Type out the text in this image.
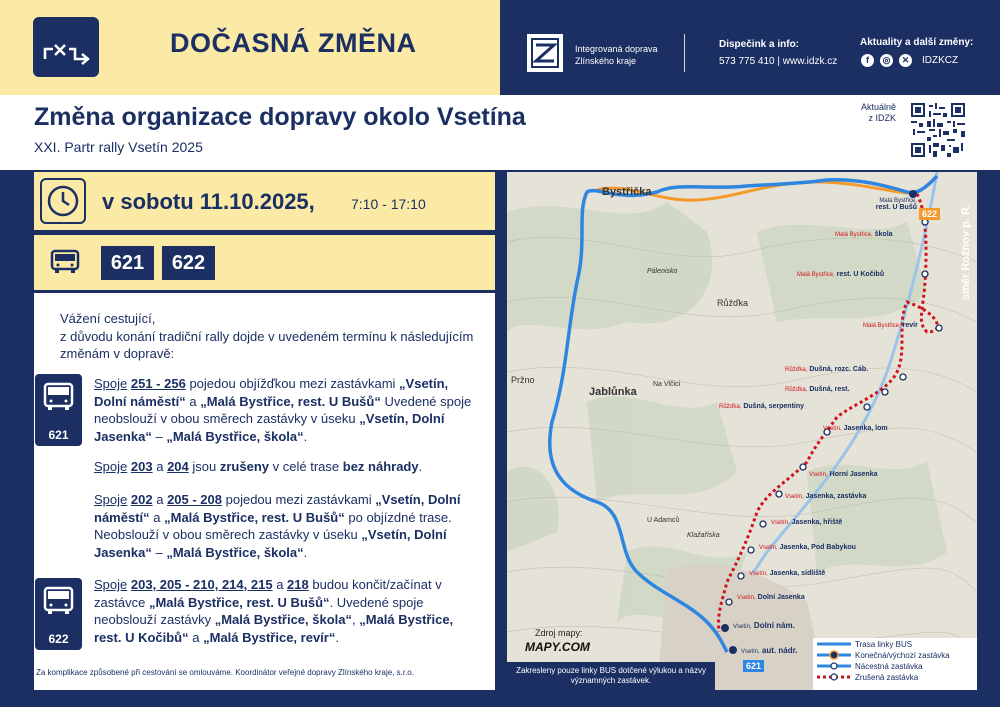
DOČASNÁ ZMĚNA	Integrovaná doprava
Zlínského kraje
Dispečink a info:
573 775 410 | www.idzk.cz
Aktuality a další změny:
f	◎	✕ IDZKCZ
Změna organizace dopravy okolo Vsetína
XXI. Partr rally Vsetín 2025
Aktuálně
z IDZK
v sobotu 11.10.2025,	7:10 - 17:10
621	622
Vážení cestující,
z důvodu konání tradiční rally dojde v uvedeném termínu k následujícím
změnám v dopravě:
621
Spoje 251 - 256 pojedou objížďkou mezi zastávkami „Vsetín, Dolní náměstí“ a „Malá Bystřice, rest. U Bušů“ Uvedené spoje neobslouží v obou směrech zastávky v úseku „Vsetín, Dolní Jasenka“ – „Malá Bystřice, škola“.
Spoje 203 a 204 jsou zrušeny v celé trase bez náhrady.
Spoje 202 a 205 - 208 pojedou mezi zastávkami „Vsetín, Dolní náměstí“ a „Malá Bystřice, rest. U Bušů“ po objízdné trase. Neobslouží v obou směrech zastávky v úseku „Vsetín, Dolní Jasenka“ – „Malá Bystřice, škola“.
622
Spoje 203, 205 - 210, 214, 215 a 218 budou končit/začínat v zastávce „Malá Bystřice, rest. U Bušů“. Uvedené spoje neobslouží zastávky „Malá Bystřice, škola“, „Malá Bystřice, rest. U Kočibů“ a „Malá Bystřice, revír“.
Za komplikace způsobené při cestování se omlouváme. Koordinátor veřejné dopravy Zlínského kraje, s.r.o.
Bystřička
Jablůnka
Růžďka
Pržno	Na Vlčici
Pálenisko
Klažaříska
U Adamců
Malá Bystřice,
rest. U Bušů
622
Malá Bystřice, škola
Malá Bystřice, rest. U Kočibů
Malá Bystřice, revír
Růžďka, Dušná, rozc. Cáb.
Růžďka, Dušná, rest.
Růžďka, Dušná, serpentiny
Vsetín, Jasenka, lom
Vsetín, Horní Jasenka
Vsetín, Jasenka, zastávka
Vsetín, Jasenka, hřiště
Vsetín, Jasenka, Pod Babykou
Vsetín, Jasenka, sídliště
Vsetín, Dolní Jasenka
Vsetín, Dolní nám.
Vsetín, aut. nádr.
621
Zdroj mapy:
MAPY.COM
Zakresleny pouze linky BUS dotčené výlukou a názvy významných zastávek.
Trasa linky BUS
Konečná/výchozí zastávka
Nácestná zastávka
Zrušená zastávka
směr Rožnov p. R.
